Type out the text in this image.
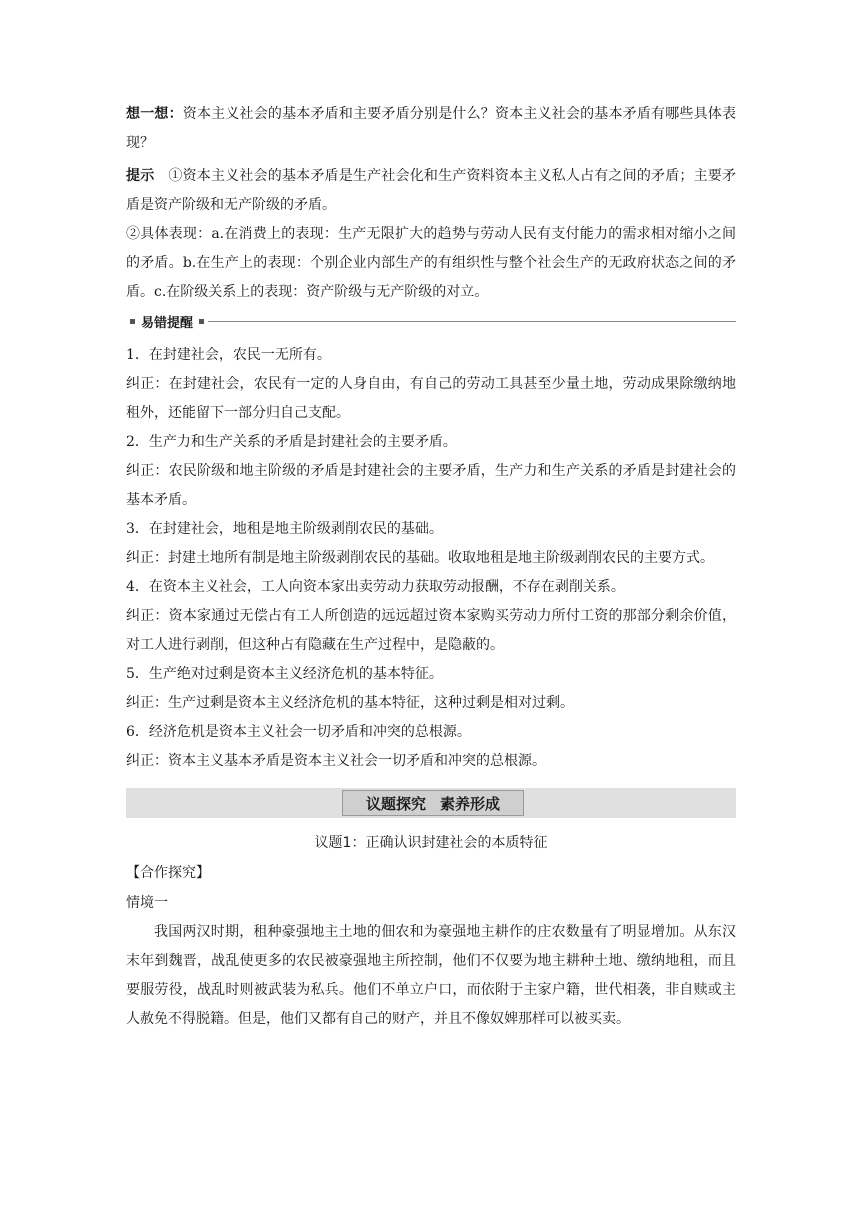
想一想：资本主义社会的基本矛盾和主要矛盾分别是什么？资本主义社会的基本矛盾有哪些具体表现？

提示 ①资本主义社会的基本矛盾是生产社会化和生产资料资本主义私人占有之间的矛盾；主要矛盾是资产阶级和无产阶级的矛盾。

②具体表现：a.在消费上的表现：生产无限扩大的趋势与劳动人民有支付能力的需求相对缩小之间的矛盾。b.在生产上的表现：个别企业内部生产的有组织性与整个社会生产的无政府状态之间的矛盾。c.在阶级关系上的表现：资产阶级与无产阶级的对立。

易错提醒

1．在封建社会，农民一无所有。

纠正：在封建社会，农民有一定的人身自由，有自己的劳动工具甚至少量土地，劳动成果除缴纳地租外，还能留下一部分归自己支配。

2．生产力和生产关系的矛盾是封建社会的主要矛盾。

纠正：农民阶级和地主阶级的矛盾是封建社会的主要矛盾，生产力和生产关系的矛盾是封建社会的基本矛盾。

3．在封建社会，地租是地主阶级剥削农民的基础。

纠正：封建土地所有制是地主阶级剥削农民的基础。收取地租是地主阶级剥削农民的主要方式。

4．在资本主义社会，工人向资本家出卖劳动力获取劳动报酬，不存在剥削关系。

纠正：资本家通过无偿占有工人所创造的远远超过资本家购买劳动力所付工资的那部分剩余价值，对工人进行剥削，但这种占有隐藏在生产过程中，是隐蔽的。

5．生产绝对过剩是资本主义经济危机的基本特征。

纠正：生产过剩是资本主义经济危机的基本特征，这种过剩是相对过剩。

6．经济危机是资本主义社会一切矛盾和冲突的总根源。

纠正：资本主义基本矛盾是资本主义社会一切矛盾和冲突的总根源。

议题探究 素养形成

议题1：正确认识封建社会的本质特征

【合作探究】

情境一

我国两汉时期，租种豪强地主土地的佃农和为豪强地主耕作的庄农数量有了明显增加。从东汉末年到魏晋，战乱使更多的农民被豪强地主所控制，他们不仅要为地主耕种土地、缴纳地租，而且要服劳役，战乱时则被武装为私兵。他们不单立户口，而依附于主家户籍，世代相袭，非自赎或主人赦免不得脱籍。但是，他们又都有自己的财产，并且不像奴婢那样可以被买卖。
